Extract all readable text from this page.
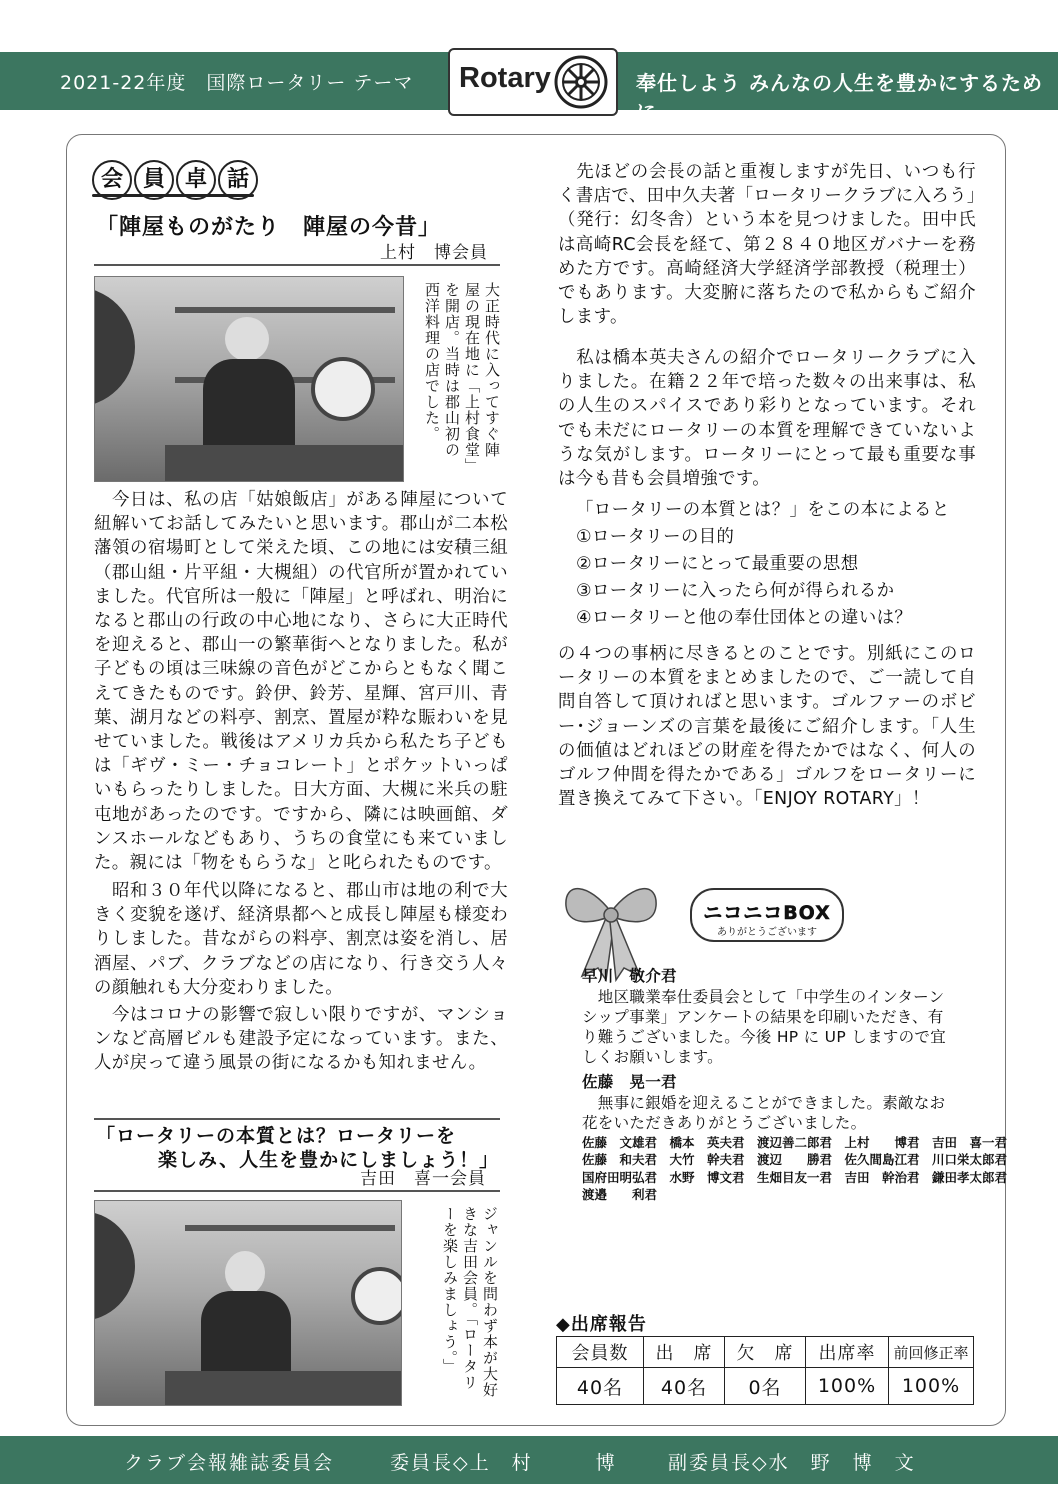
2021-22年度　国際ロータリー テーマ	奉仕しよう みんなの人生を豊かにするために
Rotary
会 員 卓 話
「陣屋ものがたり　陣屋の今昔」
上村　博会員
大正時代に入ってすぐ陣屋の現在地に「上村食堂」を開店。当時は郡山初の西洋料理の店でした。
　今日は、私の店「姑娘飯店」がある陣屋について紐解いてお話してみたいと思います。郡山が二本松藩領の宿場町として栄えた頃、この地には安積三組（郡山組・片平組・大槻組）の代官所が置かれていました。代官所は一般に「陣屋」と呼ばれ、明治になると郡山の行政の中心地になり、さらに大正時代を迎えると、郡山一の繁華街へとなりました。私が子どもの頃は三味線の音色がどこからともなく聞こえてきたものです。鈴伊、鈴芳、星輝、宮戸川、青葉、湖月などの料亭、割烹、置屋が粋な賑わいを見せていました。戦後はアメリカ兵から私たち子どもは「ギヴ・ミー・チョコレート」とポケットいっぱいもらったりしました。日大方面、大槻に米兵の駐屯地があったのです。ですから、隣には映画館、ダンスホールなどもあり、うちの食堂にも来ていました。親には「物をもらうな」と叱られたものです。
　昭和３０年代以降になると、郡山市は地の利で大きく変貌を遂げ、経済県都へと成長し陣屋も様変わりしました。昔ながらの料亭、割烹は姿を消し、居酒屋、パブ、クラブなどの店になり、行き交う人々の顔触れも大分変わりました。
　今はコロナの影響で寂しい限りですが、マンションなど高層ビルも建設予定になっています。また、人が戻って違う風景の街になるかも知れません。
「ロータリーの本質とは？ロータリーを
楽しみ、人生を豊かにしましょう！」
吉田　喜一会員
ジャンルを問わず本が大好きな吉田会員。「ロータリーを楽しみましょう。」
　先ほどの会長の話と重複しますが先日、いつも行く書店で、田中久夫著「ロータリークラブに入ろう」（発行：幻冬舎）という本を見つけました。田中氏は高崎RC会長を経て、第２８４０地区ガバナーを務めた方です。高崎経済大学経済学部教授（税理士）でもあります。大変腑に落ちたので私からもご紹介します。
　私は橋本英夫さんの紹介でロータリークラブに入りました。在籍２２年で培った数々の出来事は、私の人生のスパイスであり彩りとなっています。それでも未だにロータリーの本質を理解できていないような気がします。ロータリーにとって最も重要な事は今も昔も会員増強です。
「ロータリーの本質とは？」をこの本によると
①ロータリーの目的
②ロータリーにとって最重要の思想
③ロータリーに入ったら何が得られるか
④ロータリーと他の奉仕団体との違いは？
の４つの事柄に尽きるとのことです。別紙にこのロータリーの本質をまとめましたので、ご一読して自問自答して頂ければと思います。ゴルファーのボビー･ジョーンズの言葉を最後にご紹介します。「人生の価値はどれほどの財産を得たかではなく、何人のゴルフ仲間を得たかである」ゴルフをロータリーに置き換えてみて下さい。「ENJOY ROTARY」！
ニコニコBOX
ありがとうございます
早川　敬介君
　地区職業奉仕委員会として「中学生のインターンシップ事業」アンケートの結果を印刷いただき、有り難うございました。今後 HP に UP しますので宜しくお願いします。
佐藤　晃一君
　無事に銀婚を迎えることができました。素敵なお花をいただきありがとうございました。
佐藤　文雄君　橋本　英夫君　渡辺善二郎君　上村　　博君　吉田　喜一君
佐藤　和夫君　大竹　幹夫君　渡辺　　勝君　佐久間島江君　川口栄太郎君
国府田明弘君　水野　博文君　生畑目友一君　吉田　幹治君　鎌田孝太郎君
渡邉　　利君
◆出席報告
会員数	出　席	欠　席	出席率	前回修正率
40名	40名	0名	100%	100%
クラブ会報雑誌委員会	委員長◇上　村　　　博	副委員長◇水　野　博　文
